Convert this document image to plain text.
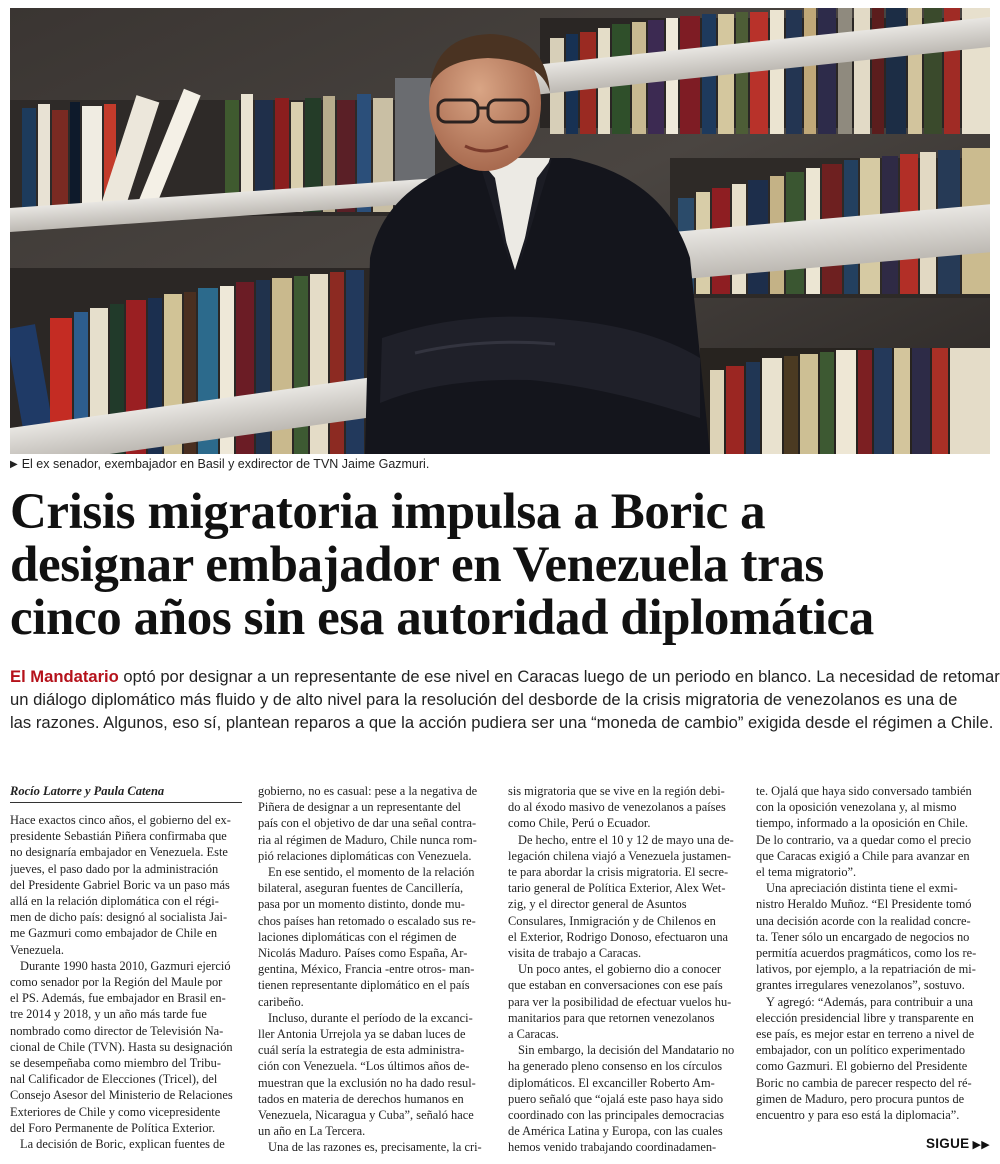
▶ El ex senador, exembajador en Basil y exdirector de TVN Jaime Gazmuri.
Crisis migratoria impulsa a Boric a
designar embajador en Venezuela tras
cinco años sin esa autoridad diplomática
El Mandatario optó por designar a un representante de ese nivel en Caracas luego de un periodo en blanco. La necesidad de retomar
un diálogo diplomático más fluido y de alto nivel para la resolución del desborde de la crisis migratoria de venezolanos es una de
las razones. Algunos, eso sí, plantean reparos a que la acción pudiera ser una “moneda de cambio” exigida desde el régimen a Chile.
Rocío Latorre y Paula Catena
Hace exactos cinco años, el gobierno del ex-
presidente Sebastián Piñera confirmaba que
no designaría embajador en Venezuela. Este
jueves, el paso dado por la administración
del Presidente Gabriel Boric va un paso más
allá en la relación diplomática con el régi-
men de dicho país: designó al socialista Jai-
me Gazmuri como embajador de Chile en
Venezuela.
Durante 1990 hasta 2010, Gazmuri ejerció
como senador por la Región del Maule por
el PS. Además, fue embajador en Brasil en-
tre 2014 y 2018, y un año más tarde fue
nombrado como director de Televisión Na-
cional de Chile (TVN). Hasta su designación
se desempeñaba como miembro del Tribu-
nal Calificador de Elecciones (Tricel), del
Consejo Asesor del Ministerio de Relaciones
Exteriores de Chile y como vicepresidente
del Foro Permanente de Política Exterior.
La decisión de Boric, explican fuentes de
gobierno, no es casual: pese a la negativa de
Piñera de designar a un representante del
país con el objetivo de dar una señal contra-
ria al régimen de Maduro, Chile nunca rom-
pió relaciones diplomáticas con Venezuela.
En ese sentido, el momento de la relación
bilateral, aseguran fuentes de Cancillería,
pasa por un momento distinto, donde mu-
chos países han retomado o escalado sus re-
laciones diplomáticas con el régimen de
Nicolás Maduro. Países como España, Ar-
gentina, México, Francia -entre otros- man-
tienen representante diplomático en el país
caribeño.
Incluso, durante el período de la excanci-
ller Antonia Urrejola ya se daban luces de
cuál sería la estrategia de esta administra-
ción con Venezuela. “Los últimos años de-
muestran que la exclusión no ha dado resul-
tados en materia de derechos humanos en
Venezuela, Nicaragua y Cuba”, señaló hace
un año en La Tercera.
Una de las razones es, precisamente, la cri-
sis migratoria que se vive en la región debi-
do al éxodo masivo de venezolanos a países
como Chile, Perú o Ecuador.
De hecho, entre el 10 y 12 de mayo una de-
legación chilena viajó a Venezuela justamen-
te para abordar la crisis migratoria. El secre-
tario general de Política Exterior, Alex Wet-
zig, y el director general de Asuntos
Consulares, Inmigración y de Chilenos en
el Exterior, Rodrigo Donoso, efectuaron una
visita de trabajo a Caracas.
Un poco antes, el gobierno dio a conocer
que estaban en conversaciones con ese país
para ver la posibilidad de efectuar vuelos hu-
manitarios para que retornen venezolanos
a Caracas.
Sin embargo, la decisión del Mandatario no
ha generado pleno consenso en los círculos
diplomáticos. El excanciller Roberto Am-
puero señaló que “ojalá este paso haya sido
coordinado con las principales democracias
de América Latina y Europa, con las cuales
hemos venido trabajando coordinadamen-
te. Ojalá que haya sido conversado también
con la oposición venezolana y, al mismo
tiempo, informado a la oposición en Chile.
De lo contrario, va a quedar como el precio
que Caracas exigió a Chile para avanzar en
el tema migratorio”.
Una apreciación distinta tiene el exmi-
nistro Heraldo Muñoz. “El Presidente tomó
una decisión acorde con la realidad concre-
ta. Tener sólo un encargado de negocios no
permitía acuerdos pragmáticos, como los re-
lativos, por ejemplo, a la repatriación de mi-
grantes irregulares venezolanos”, sostuvo.
Y agregó: “Además, para contribuir a una
elección presidencial libre y transparente en
ese país, es mejor estar en terreno a nivel de
embajador, con un político experimentado
como Gazmuri. El gobierno del Presidente
Boric no cambia de parecer respecto del ré-
gimen de Maduro, pero procura puntos de
encuentro y para eso está la diplomacia”.
SIGUE ▶▶
